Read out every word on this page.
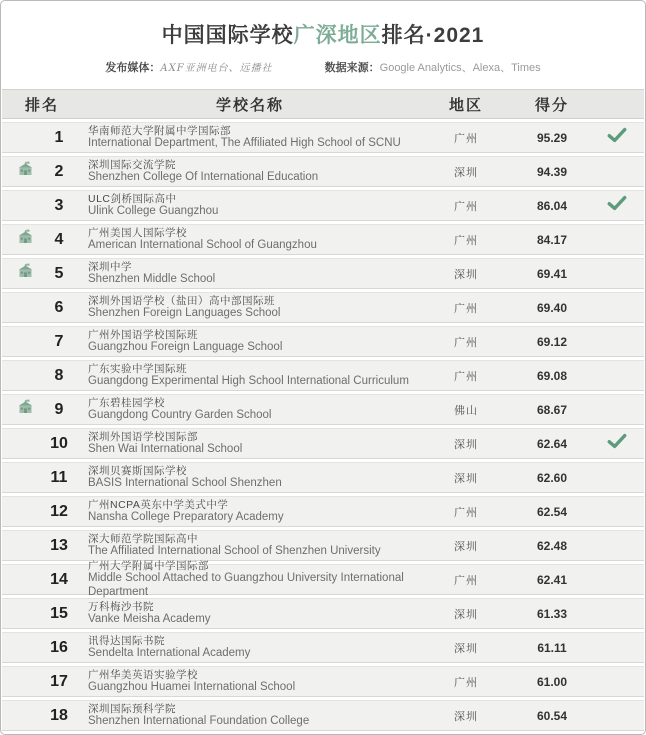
中国国际学校广深地区排名·2021
发布媒体：AXF亚洲电台、远播社	数据来源：Google Analytics、Alexa、Times
排名	学校名称	地区	得分
1	华南师范大学附属中学国际部
International Department, The Affiliated High School of SCNU	广州	95.29
2	深圳国际交流学院
Shenzhen College Of International Education	深圳	94.39
3	ULC剑桥国际高中
Ulink College Guangzhou	广州	86.04
4	广州美国人国际学校
American International School of Guangzhou	广州	84.17
5	深圳中学
Shenzhen Middle School	深圳	69.41
6	深圳外国语学校（盐田）高中部国际班
Shenzhen Foreign Languages School	广州	69.40
7	广州外国语学校国际班
Guangzhou Foreign Language School	广州	69.12
8	广东实验中学国际班
Guangdong Experimental High School International Curriculum	广州	69.08
9	广东碧桂园学校
Guangdong Country Garden School	佛山	68.67
10	深圳外国语学校国际部
Shen Wai International School	深圳	62.64
11	深圳贝赛斯国际学校
BASIS International School Shenzhen	深圳	62.60
12	广州NCPA英东中学美式中学
Nansha College Preparatory Academy	广州	62.54
13	深大师范学院国际高中
The Affiliated International School of Shenzhen University	深圳	62.48
14
广州大学附属中学国际部
Middle School Attached to Guangzhou University International Department
广州	62.41
15	万科梅沙书院
Vanke Meisha Academy	深圳	61.33
16	讯得达国际书院
Sendelta International Academy	深圳	61.11
17	广州华美英语实验学校
Guangzhou Huamei International School	广州	61.00
18	深圳国际预科学院
Shenzhen International Foundation College	深圳	60.54
